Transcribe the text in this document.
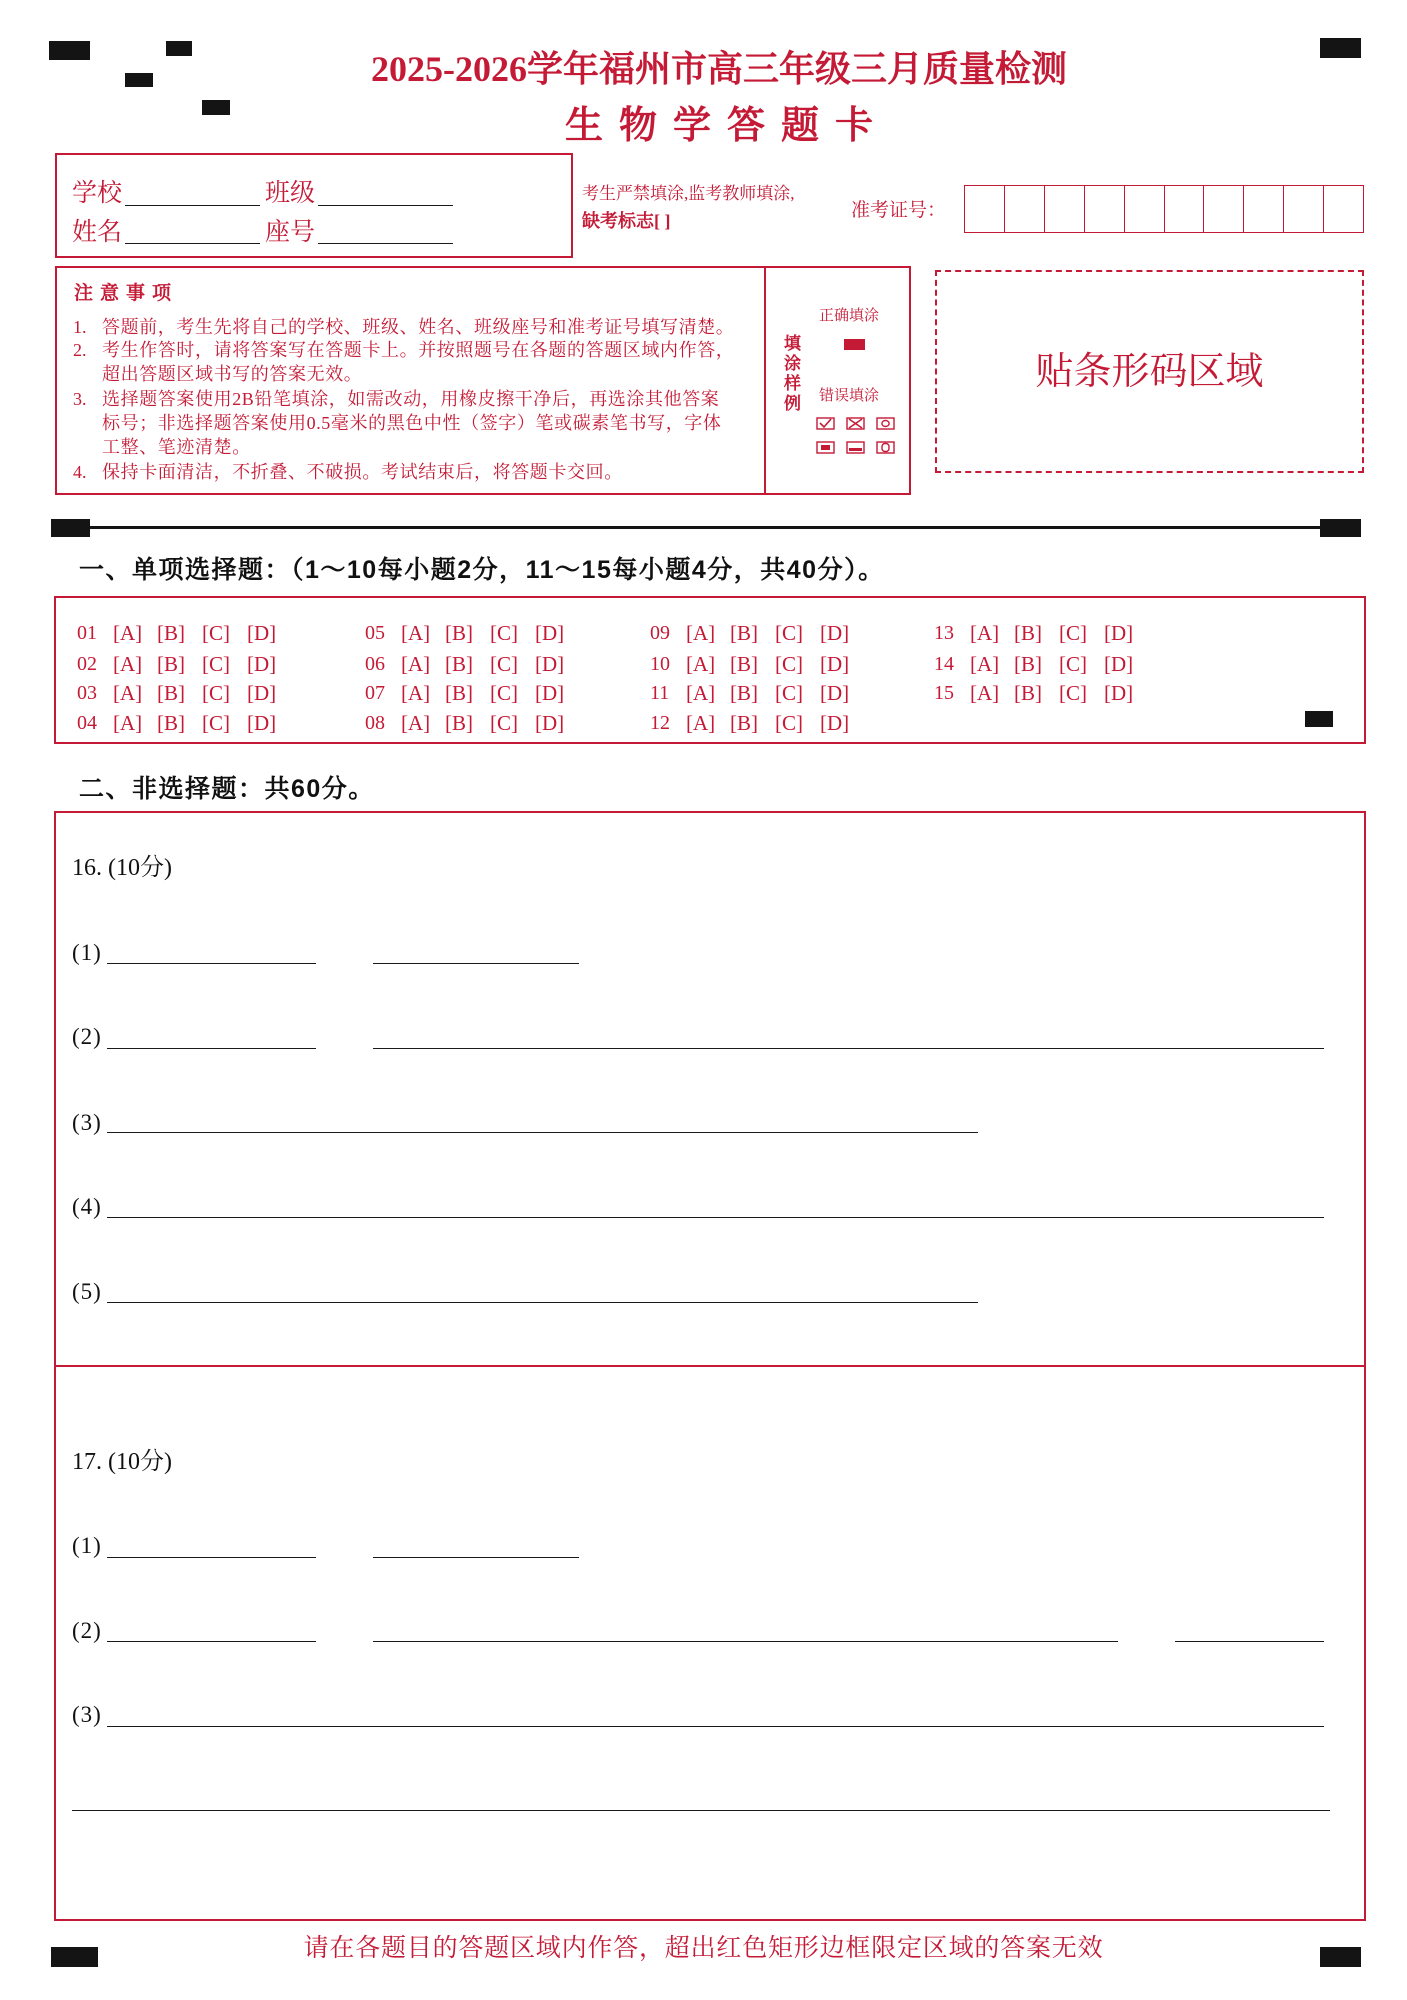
2025-2026学年福州市高三年级三月质量检测
生物学答题卡
学校	班级
姓名	座号
考生严禁填涂,监考教师填涂,
缺考标志[ ]	准考证号：
注意事项
1. 答题前，考生先将自己的学校、班级、姓名、班级座号和准考证号填写清楚。
2. 考生作答时，请将答案写在答题卡上。并按照题号在各题的答题区域内作答，
超出答题区域书写的答案无效。
3. 选择题答案使用2B铅笔填涂，如需改动，用橡皮擦干净后，再选涂其他答案
标号；非选择题答案使用0.5毫米的黑色中性（签字）笔或碳素笔书写，字体
工整、笔迹清楚。
4. 保持卡面清洁，不折叠、不破损。考试结束后，将答题卡交回。
填涂样例
正确填涂
错误填涂
贴条形码区域
一、单项选择题：（1～10每小题2分，11～15每小题4分，共40分）。
01 [A] [B] [C] [D]
02 [A] [B] [C] [D]
03 [A] [B] [C] [D]
04 [A] [B] [C] [D]
05 [A] [B] [C] [D]
06 [A] [B] [C] [D]
07 [A] [B] [C] [D]
08 [A] [B] [C] [D]
09 [A] [B] [C] [D]
10 [A] [B] [C] [D]
11 [A] [B] [C] [D]
12 [A] [B] [C] [D]
13 [A] [B] [C] [D]
14 [A] [B] [C] [D]
15 [A] [B] [C] [D]
二、非选择题：共60分。
16. (10分)
(1)
(2)
(3)
(4)
(5)
17. (10分)
(1)
(2)
(3)
请在各题目的答题区域内作答，超出红色矩形边框限定区域的答案无效
